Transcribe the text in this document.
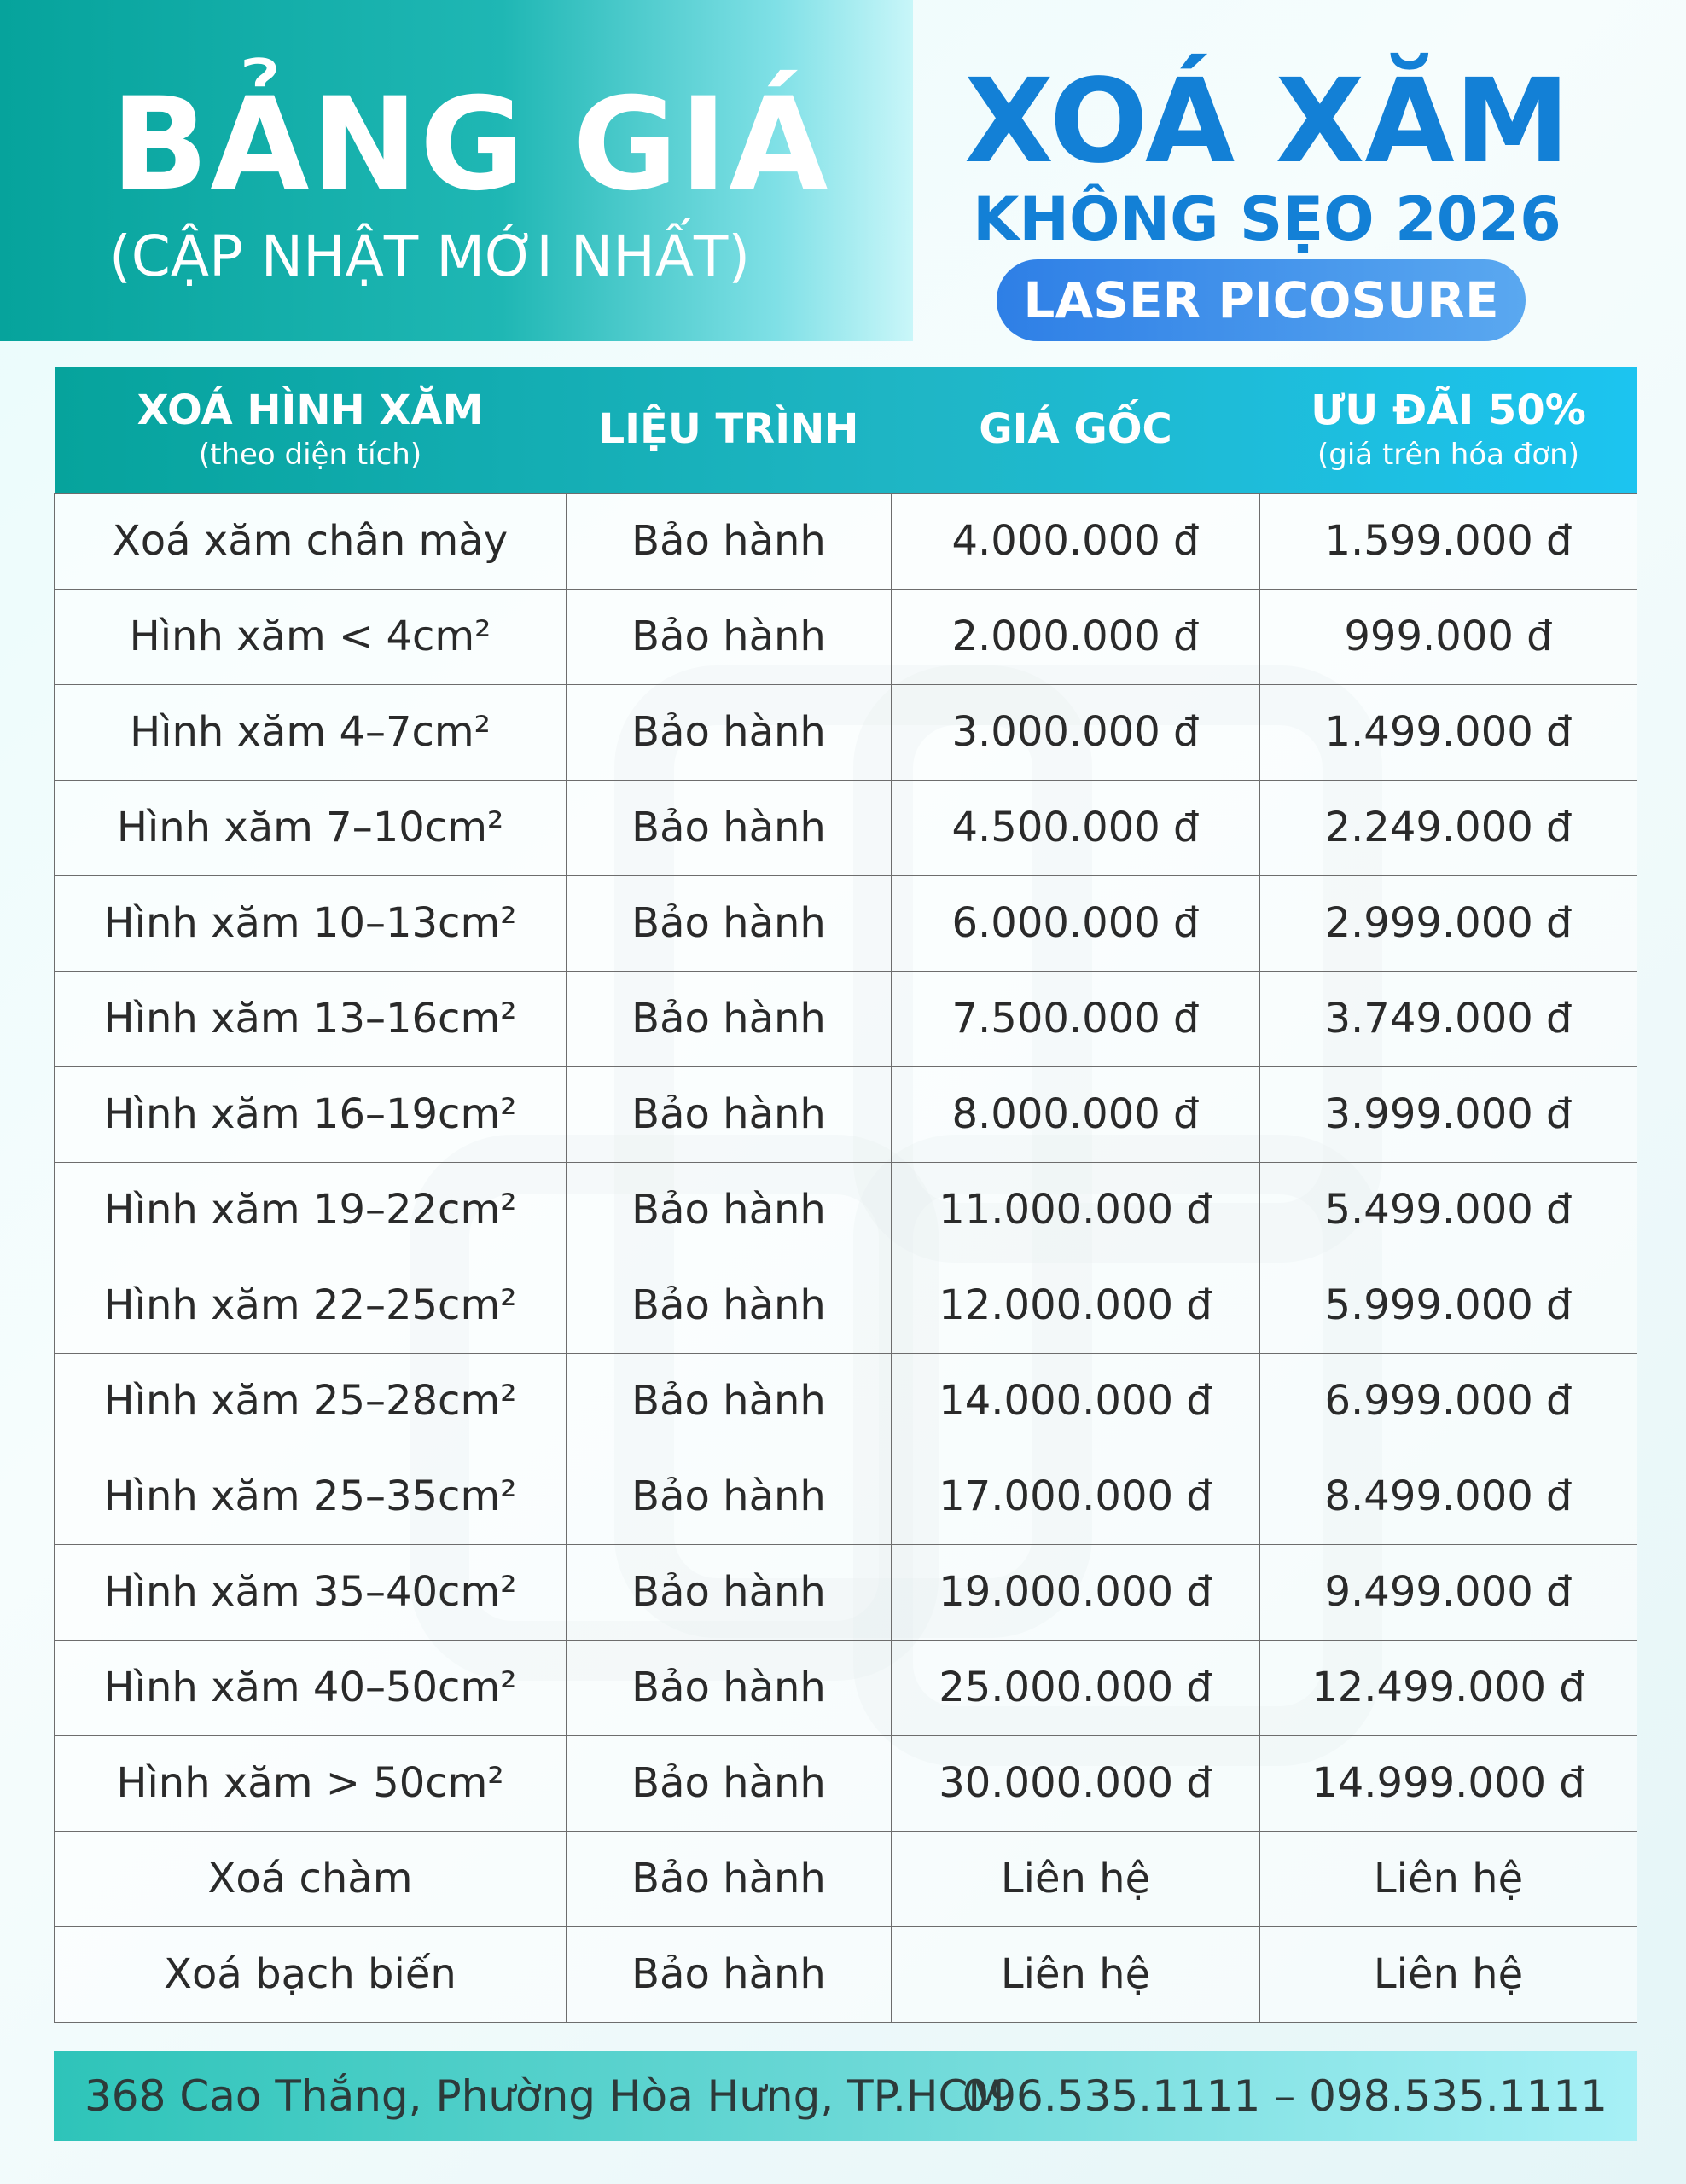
BẢNG GIÁ
(CẬP NHẬT MỚI NHẤT)
XOÁ XĂM
KHÔNG SẸO 2026
LASER PICOSURE
XOÁ HÌNH XĂM
(theo diện tích)	LIỆU TRÌNH	GIÁ GỐC	ƯU ĐÃI 50%
(giá trên hóa đơn)

Xoá xăm chân mày	Bảo hành	4.000.000 đ	1.599.000 đ
Hình xăm < 4cm²	Bảo hành	2.000.000 đ	999.000 đ
Hình xăm 4–7cm²	Bảo hành	3.000.000 đ	1.499.000 đ
Hình xăm 7–10cm²	Bảo hành	4.500.000 đ	2.249.000 đ
Hình xăm 10–13cm²	Bảo hành	6.000.000 đ	2.999.000 đ
Hình xăm 13–16cm²	Bảo hành	7.500.000 đ	3.749.000 đ
Hình xăm 16–19cm²	Bảo hành	8.000.000 đ	3.999.000 đ
Hình xăm 19–22cm²	Bảo hành	11.000.000 đ	5.499.000 đ
Hình xăm 22–25cm²	Bảo hành	12.000.000 đ	5.999.000 đ
Hình xăm 25–28cm²	Bảo hành	14.000.000 đ	6.999.000 đ
Hình xăm 25–35cm²	Bảo hành	17.000.000 đ	8.499.000 đ
Hình xăm 35–40cm²	Bảo hành	19.000.000 đ	9.499.000 đ
Hình xăm 40–50cm²	Bảo hành	25.000.000 đ	12.499.000 đ
Hình xăm > 50cm²	Bảo hành	30.000.000 đ	14.999.000 đ
Xoá chàm	Bảo hành	Liên hệ	Liên hệ
Xoá bạch biến	Bảo hành	Liên hệ	Liên hệ
368 Cao Thắng, Phường Hòa Hưng, TP.HCM
096.535.1111 – 098.535.1111
